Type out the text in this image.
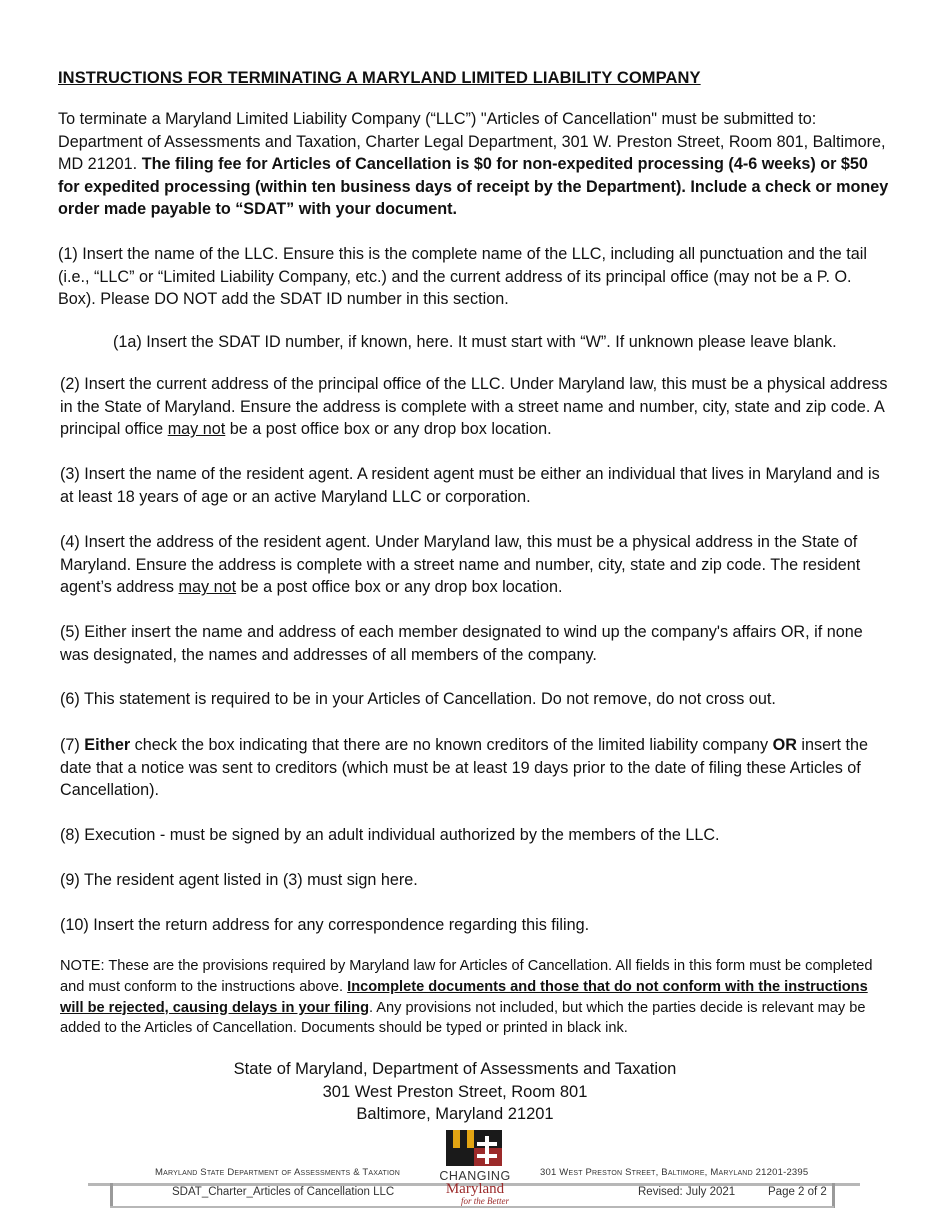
INSTRUCTIONS FOR TERMINATING A MARYLAND LIMITED LIABILITY COMPANY
To terminate a Maryland Limited Liability Company (“LLC”) "Articles of Cancellation" must be submitted to: Department of Assessments and Taxation, Charter Legal Department, 301 W. Preston Street, Room 801, Baltimore, MD 21201. The filing fee for Articles of Cancellation is $0 for non-expedited processing (4-6 weeks) or $50 for expedited processing (within ten business days of receipt by the Department). Include a check or money order made payable to “SDAT” with your document.
(1) Insert the name of the LLC. Ensure this is the complete name of the LLC, including all punctuation and the tail (i.e., “LLC” or “Limited Liability Company, etc.) and the current address of its principal office (may not be a P. O. Box). Please DO NOT add the SDAT ID number in this section.
(1a) Insert the SDAT ID number, if known, here. It must start with “W”. If unknown please leave blank.
(2) Insert the current address of the principal office of the LLC. Under Maryland law, this must be a physical address in the State of Maryland. Ensure the address is complete with a street name and number, city, state and zip code. A principal office may not be a post office box or any drop box location.
(3) Insert the name of the resident agent. A resident agent must be either an individual that lives in Maryland and is at least 18 years of age or an active Maryland LLC or corporation.
(4) Insert the address of the resident agent. Under Maryland law, this must be a physical address in the State of Maryland. Ensure the address is complete with a street name and number, city, state and zip code. The resident agent’s address may not be a post office box or any drop box location.
(5) Either insert the name and address of each member designated to wind up the company's affairs OR, if none was designated, the names and addresses of all members of the company.
(6) This statement is required to be in your Articles of Cancellation. Do not remove, do not cross out.
(7) Either check the box indicating that there are no known creditors of the limited liability company OR insert the date that a notice was sent to creditors (which must be at least 19 days prior to the date of filing these Articles of Cancellation).
(8) Execution - must be signed by an adult individual authorized by the members of the LLC.
(9) The resident agent listed in (3) must sign here.
(10) Insert the return address for any correspondence regarding this filing.
NOTE: These are the provisions required by Maryland law for Articles of Cancellation. All fields in this form must be completed and must conform to the instructions above. Incomplete documents and those that do not conform with the instructions will be rejected, causing delays in your filing. Any provisions not included, but which the parties decide is relevant may be added to the Articles of Cancellation. Documents should be typed or printed in black ink.
State of Maryland, Department of Assessments and Taxation
301 West Preston Street, Room 801
Baltimore, Maryland 21201
Maryland State Department of Assessments & Taxation	301 West Preston Street, Baltimore, Maryland 21201-2395
SDAT_Charter_Articles of Cancellation LLC	Revised: July 2021	Page 2 of 2
CHANGING
Maryland
for the Better
